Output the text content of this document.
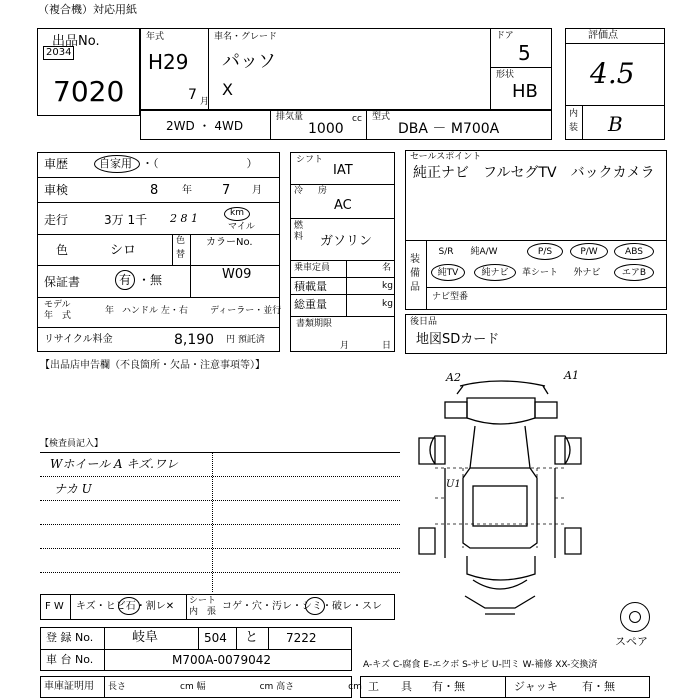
（複合機）対応用紙
出品No.
2034
7020
年式
H29
7 月
車名・グレード
パッソ
X
ドア
5
形状
HB
2WD ・ 4WD
排気量
1000
cc 型式
DBA － M700A
評価点
4.5
内
装 B
車歴	自家用 ・（　　　　　　　　）
車検	8 年 7 月
走行	3万 1千 2 8 1	km
マイル
色	シロ
色
替
カラーNo.
保証書	有 ・無	W09
モデル
年　式	年 ハンドル 左・右 ディーラー・並行
リサイクル料金	8,190 円 預託済
シフト
IAT
冷 房
AC
燃
料 ガソリン
乗車定員	名
積載量	kg
総重量	kg
書類期限
月	日
セールスポイント
純正ナビ　フルセグTV　バックカメラ
装
備
品
S/R	純A/W	P/S	P/W	ABS
純TV	純ナビ	革シート	外ナビ	エアB
ナビ型番
後日品
地図SDカード
【出品店申告欄（不良箇所・欠品・注意事項等）】
【検査員記入】
Wホイール A キズ.ワレ
ナカ U
A2	A1
U1
スペア
F W キズ・ヒビ石・割レ✕ シート
内　張 コゲ・穴・汚レ・シミ・破レ・スレ
登 録 No.	岐阜	504 と 7222
車 台 No.	M700A-0079042
車庫証明用 長さ　　　　　　cm 幅　　　　　　cm 高さ　　　　　　cm
A-キズ C-腐食 E-エクボ S-サビ U-凹ミ W-補修 XX-交換済
工　　具 有・無	ジャッキ 有・無
